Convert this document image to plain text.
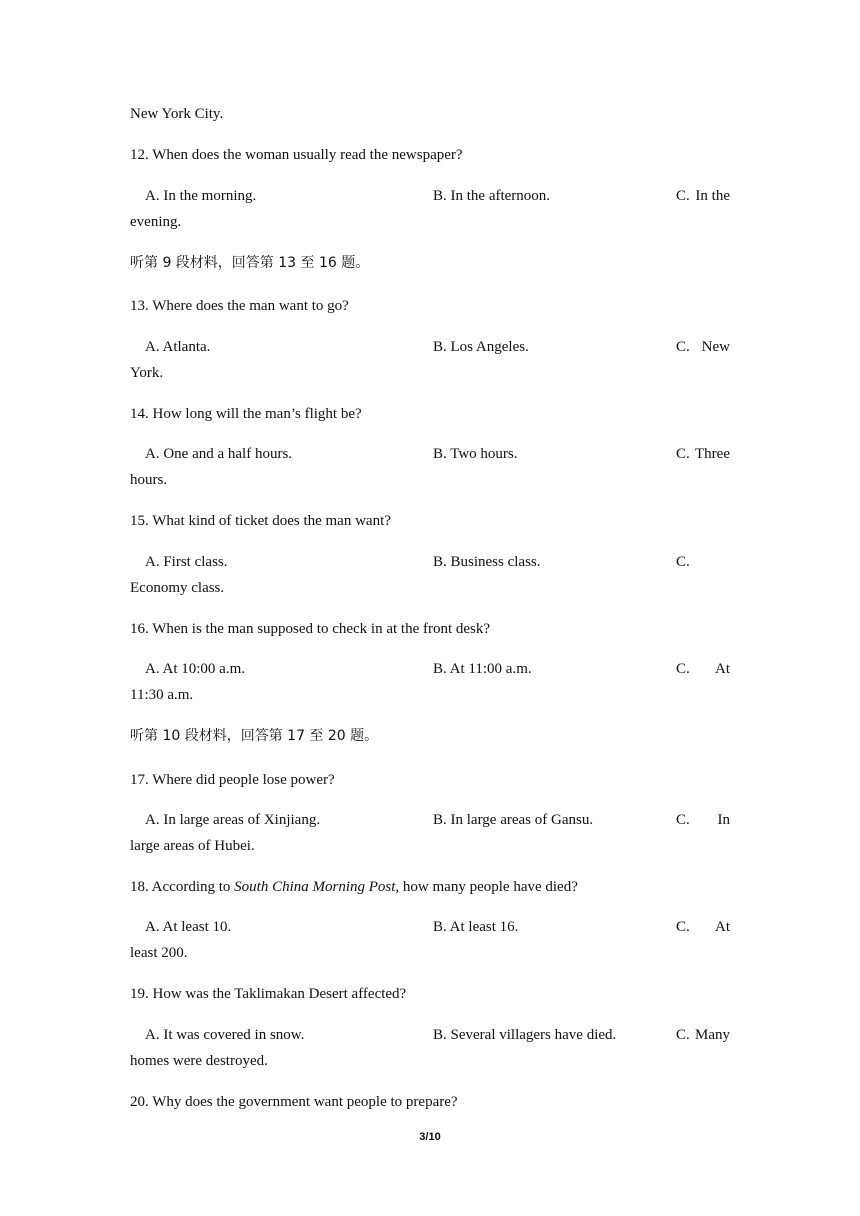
New York City.
12. When does the woman usually read the newspaper?
A. In the morning.	B. In the afternoon.	C. In the
evening.
听第 9 段材料，回答第 13 至 16 题。
13. Where does the man want to go?
A. Atlanta.	B. Los Angeles.	C. New
York.
14. How long will the man’s flight be?
A. One and a half hours.	B. Two hours.	C. Three
hours.
15. What kind of ticket does the man want?
A. First class.	B. Business class.	C.
Economy class.
16. When is the man supposed to check in at the front desk?
A. At 10:00 a.m.	B. At 11:00 a.m.	C. At
11:30 a.m.
听第 10 段材料，回答第 17 至 20 题。
17. Where did people lose power?
A. In large areas of Xinjiang.	B. In large areas of Gansu.	C. In
large areas of Hubei.
18. According to South China Morning Post, how many people have died?
A. At least 10.	B. At least 16.	C. At
least 200.
19. How was the Taklimakan Desert affected?
A. It was covered in snow.	B. Several villagers have died.	C. Many
homes were destroyed.
20. Why does the government want people to prepare?
3/10
